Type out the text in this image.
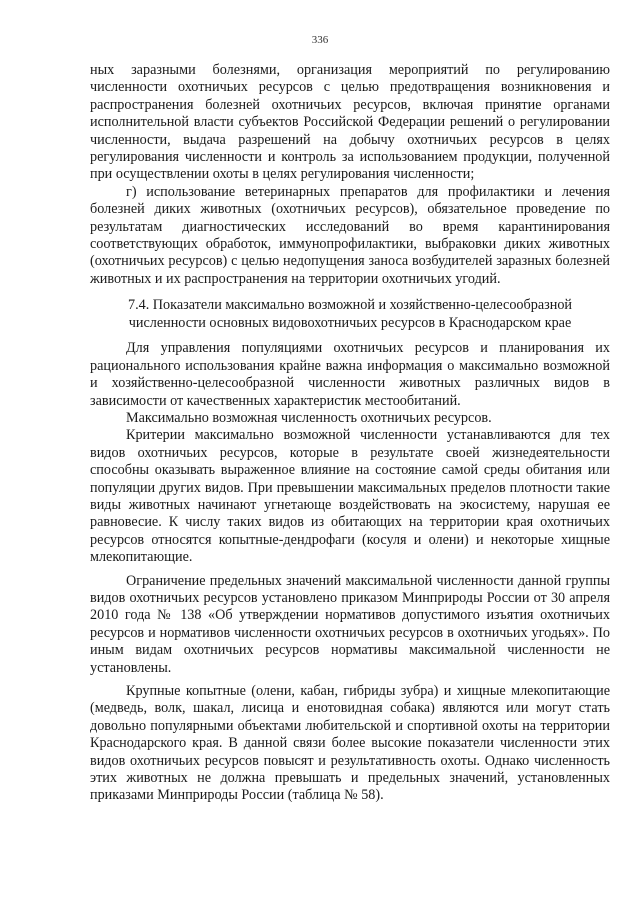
336

ных заразными болезнями, организация мероприятий по регулированию численности охотничьих ресурсов с целью предотвращения возникновения и распространения болезней охотничьих ресурсов, включая принятие органами исполнительной власти субъектов Российской Федерации решений о регулировании численности, выдача разрешений на добычу охотничьих ресурсов в целях регулирования численности и контроль за использованием продукции, полученной при осуществлении охоты в целях регулирования численности;

г) использование ветеринарных препаратов для профилактики и лечения болезней диких животных (охотничьих ресурсов), обязательное проведение по результатам диагностических исследований во время карантинирования соответствующих обработок, иммунопрофилактики, выбраковки диких животных (охотничьих ресурсов) с целью недопущения заноса возбудителей заразных болезней животных и их распространения на территории охотничьих угодий.

7.4. Показатели максимально возможной и хозяйственно-целесообразной численности основных видовохотничьих ресурсов в Краснодарском крае

Для управления популяциями охотничьих ресурсов и планирования их рационального использования крайне важна информация о максимально возможной и хозяйственно-целесообразной численности животных различных видов в зависимости от качественных характеристик местообитаний.

Максимально возможная численность охотничьих ресурсов.

Критерии максимально возможной численности устанавливаются для тех видов охотничьих ресурсов, которые в результате своей жизнедеятельности способны оказывать выраженное влияние на состояние самой среды обитания или популяции других видов. При превышении максимальных пределов плотности такие виды животных начинают угнетающе воздействовать на экосистему, нарушая ее равновесие. К числу таких видов из обитающих на территории края охотничьих ресурсов относятся копытные-дендрофаги (косуля и олени) и некоторые хищные млекопитающие.

Ограничение предельных значений максимальной численности данной группы видов охотничьих ресурсов установлено приказом Минприроды России от 30 апреля 2010 года № 138 «Об утверждении нормативов допустимого изъятия охотничьих ресурсов и нормативов численности охотничьих ресурсов в охотничьих угодьях». По иным видам охотничьих ресурсов нормативы максимальной численности не установлены.

Крупные копытные (олени, кабан, гибриды зубра) и хищные млекопитающие (медведь, волк, шакал, лисица и енотовидная собака) являются или могут стать довольно популярными объектами любительской и спортивной охоты на территории Краснодарского края. В данной связи более высокие показатели численности этих видов охотничьих ресурсов повысят и результативность охоты. Однако численность этих животных не должна превышать и предельных значений, установленных приказами Минприроды России (таблица № 58).
